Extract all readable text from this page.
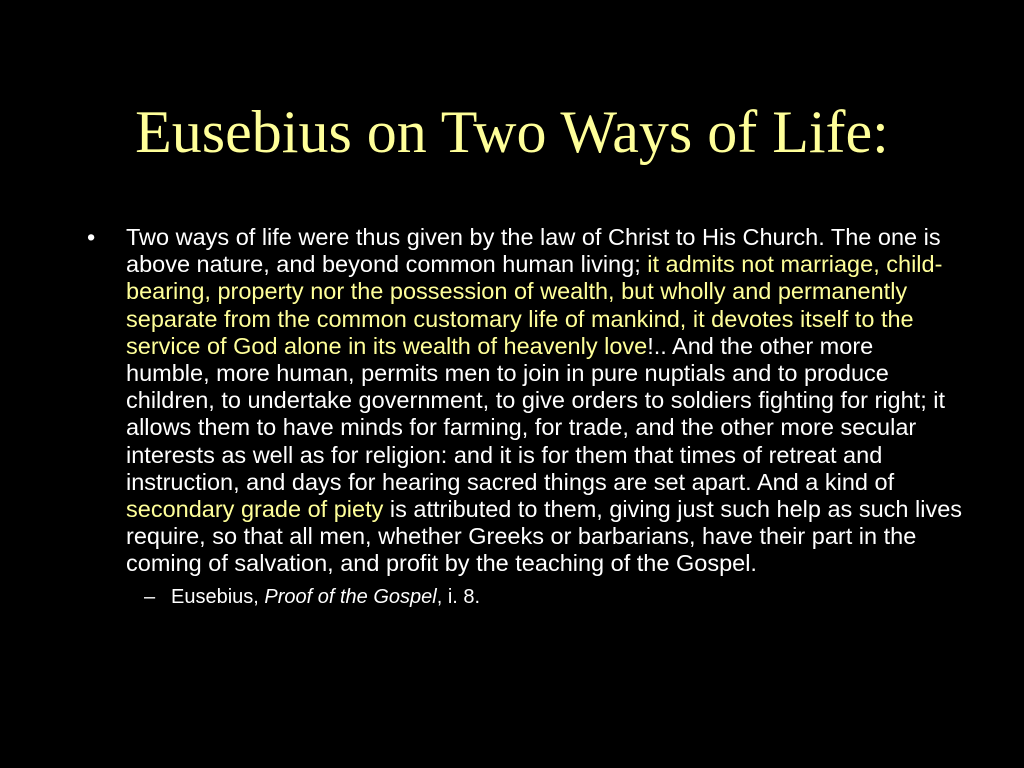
Eusebius on Two Ways of Life:
• Two ways of life were thus given by the law of Christ to His Church. The one is above nature, and beyond common human living; it admits not marriage, child-bearing, property nor the possession of wealth, but wholly and permanently separate from the common customary life of mankind, it devotes itself to the service of God alone in its wealth of heavenly love!.. And the other more humble, more human, permits men to join in pure nuptials and to produce children, to undertake government, to give orders to soldiers fighting for right; it allows them to have minds for farming, for trade, and the other more secular interests as well as for religion: and it is for them that times of retreat and instruction, and days for hearing sacred things are set apart. And a kind of secondary grade of piety is attributed to them, giving just such help as such lives require, so that all men, whether Greeks or barbarians, have their part in the coming of salvation, and profit by the teaching of the Gospel.
– Eusebius, Proof of the Gospel, i. 8.
